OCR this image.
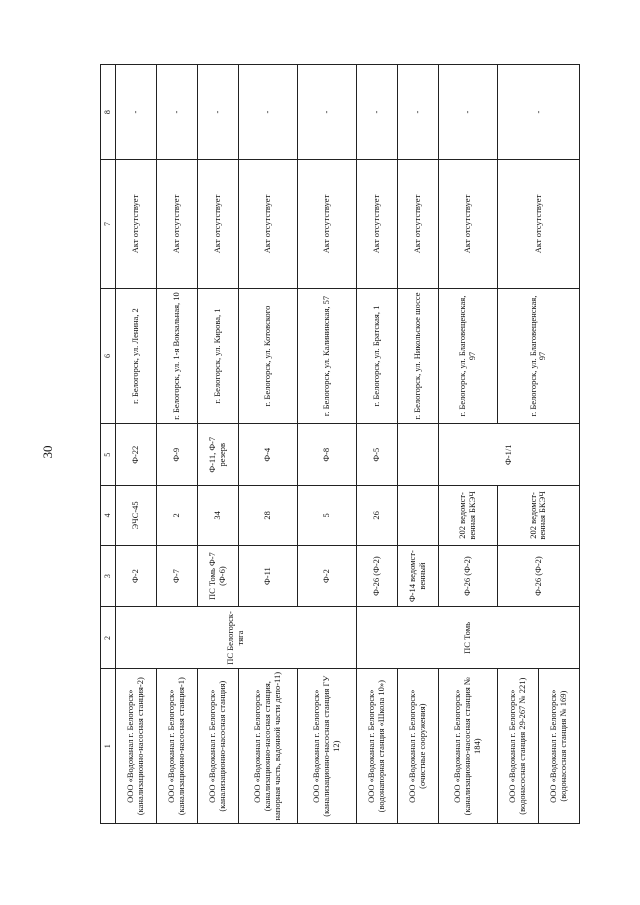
30
1	2	3	4	5	6	7	8
ООО «Водоканал г. Белогорск» (канализационно-насосная станция-2)	ПС Белогорск-тяга	Ф-2	ЭЧС-45	Ф-22	г. Белогорск, ул. Ленина, 2	Акт отсутствует	-
ООО «Водоканал г. Белогорск» (канализационно-насосная станция-1)		Ф-7	2	Ф-9	г. Белогорск, ул. 1-я Вокзальная, 10	Акт отсутствует	-
ООО «Водоканал г. Белогорск» (канализационно-насосная станция)		ПС Томь Ф-7 (Ф-6)	34	Ф-11, Ф-7 резерв	г. Белогорск, ул. Кирова, 1	Акт отсутствует	-
ООО «Водоканал г. Белогорск» (канализационно-насосная станция, напорная часть, вадонной части депо-11)		Ф-11	28	Ф-4	г. Белогорск, ул. Котовского	Акт отсутствует	-
ООО «Водоканал г. Белогорск» (канализационно-насосная станция ГУ 12)		Ф-2	5	Ф-8	г. Белогорск, ул. Калининская, 57	Акт отсутствует	-
ООО «Водоканал г. Белогорск» (водонапорная станция «Школа 10»)	ПС Томь	Ф-26 (Ф-2)	26	Ф-5	г. Белогорск, ул. Братская, 1	Акт отсутствует	-
ООО «Водоканал г. Белогорск» (очистные сооружения)		Ф-14 ведомст-венный			г. Белогорск, ул. Никольское шоссе	Акт отсутствует	-
ООО «Водоканал г. Белогорск» (канализационно-насосная станция № 184)		Ф-26 (Ф-2)	202 ведомст-венная БКЭЧ	Ф-1/1	г. Белогорск, ул. Благовещенская, 97	Акт отсутствует	-
ООО «Водоканал г. Белогорск» (водонасосная станция 29-267 № 221)		Ф-26 (Ф-2)	202 ведомст-венная БКЭЧ		г. Белогорск, ул. Благовещенская, 97	Акт отсутствует	-
ООО «Водоканал г. Белогорск» (водонасосная станция № 169)							
